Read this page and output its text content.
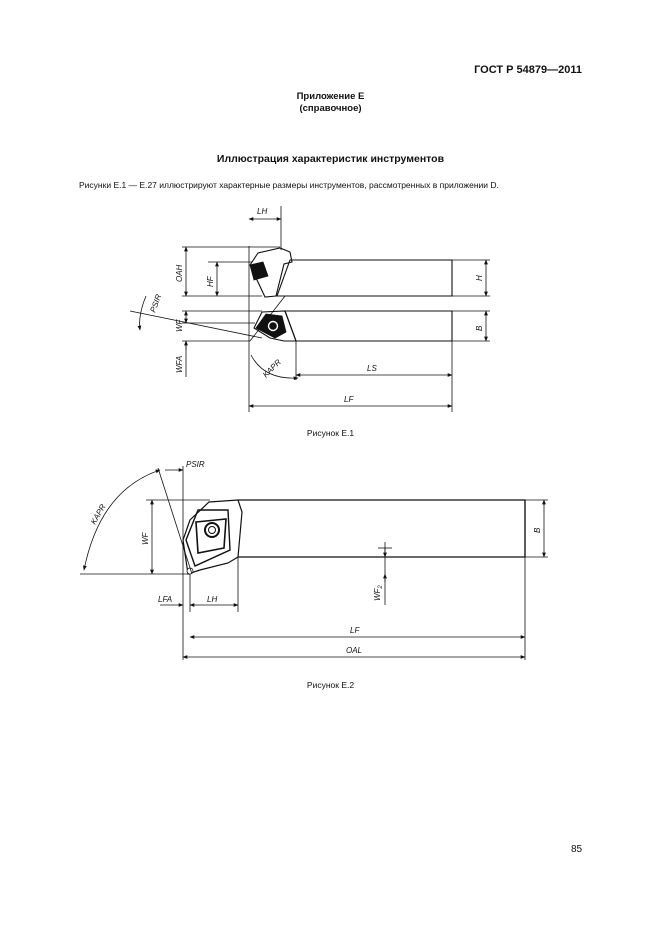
ГОСТ Р 54879—2011
Приложение Е
(справочное)
Иллюстрация характеристик инструментов
Рисунки Е.1 — Е.27 иллюстрируют характерные размеры инструментов, рассмотренных в приложении D.
LH
OAH	HF	H
B
PSIR
WF
WFA	KAPR	LS
LF
Рисунок Е.1
PSIR
KAPR
WF
B
$WF_2$
LFA	LH
LF
OAL
Рисунок Е.2
85
